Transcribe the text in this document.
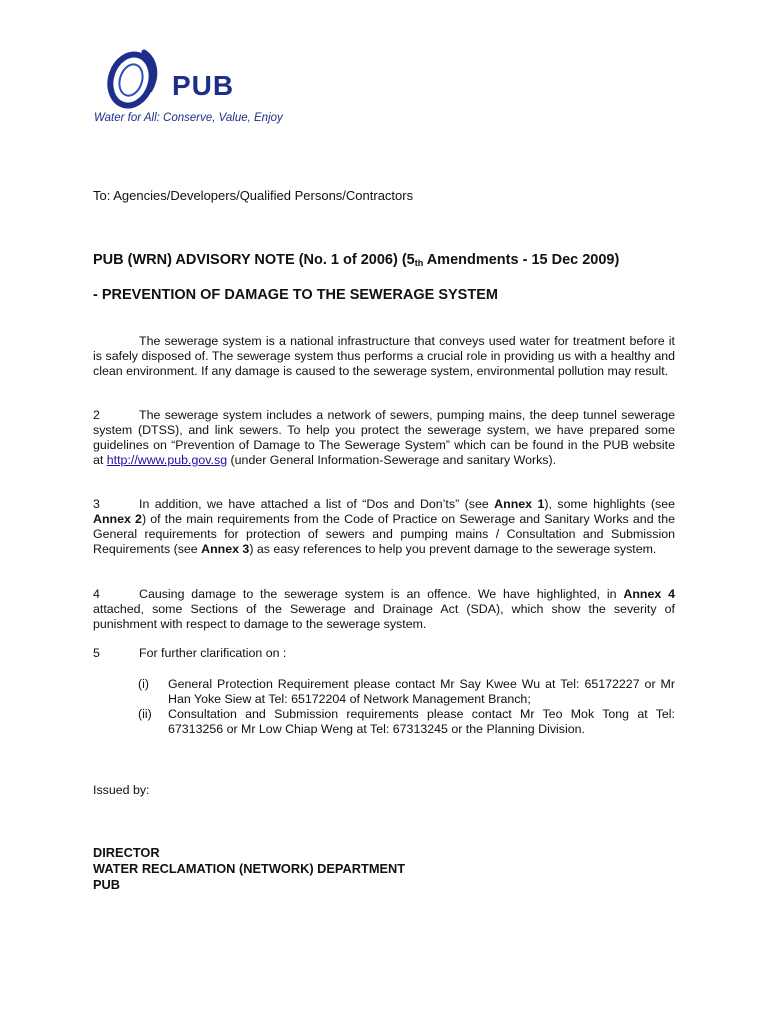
PUB
Water for All: Conserve, Value, Enjoy
To: Agencies/Developers/Qualified Persons/Contractors
PUB (WRN) ADVISORY NOTE (No. 1 of 2006) ($5_{th}$ Amendments - 15 Dec 2009)
- PREVENTION OF DAMAGE TO THE SEWERAGE SYSTEM
The sewerage system is a national infrastructure that conveys used water for treatment before it is safely disposed of. The sewerage system thus performs a crucial role in providing us with a healthy and clean environment. If any damage is caused to the sewerage system, environmental pollution may result.
2	The sewerage system includes a network of sewers, pumping mains, the deep tunnel sewerage system (DTSS), and link sewers. To help you protect the sewerage system, we have prepared some guidelines on “Prevention of Damage to The Sewerage System” which can be found in the PUB website at http://www.pub.gov.sg (under General Information-Sewerage and sanitary Works).
3	In addition, we have attached a list of “Dos and Don’ts” (see Annex 1), some highlights (see Annex 2) of the main requirements from the Code of Practice on Sewerage and Sanitary Works and the General requirements for protection of sewers and pumping mains / Consultation and Submission Requirements (see Annex 3) as easy references to help you prevent damage to the sewerage system.
4	Causing damage to the sewerage system is an offence. We have highlighted, in Annex 4 attached, some Sections of the Sewerage and Drainage Act (SDA), which show the severity of punishment with respect to damage to the sewerage system.
5	For further clarification on :
(i) General Protection Requirement please contact Mr Say Kwee Wu at Tel: 65172227 or Mr Han Yoke Siew at Tel: 65172204 of Network Management Branch;
(ii) Consultation and Submission requirements please contact Mr Teo Mok Tong at Tel: 67313256 or Mr Low Chiap Weng at Tel: 67313245 or the Planning Division.
Issued by:
DIRECTOR
WATER RECLAMATION (NETWORK) DEPARTMENT
PUB
